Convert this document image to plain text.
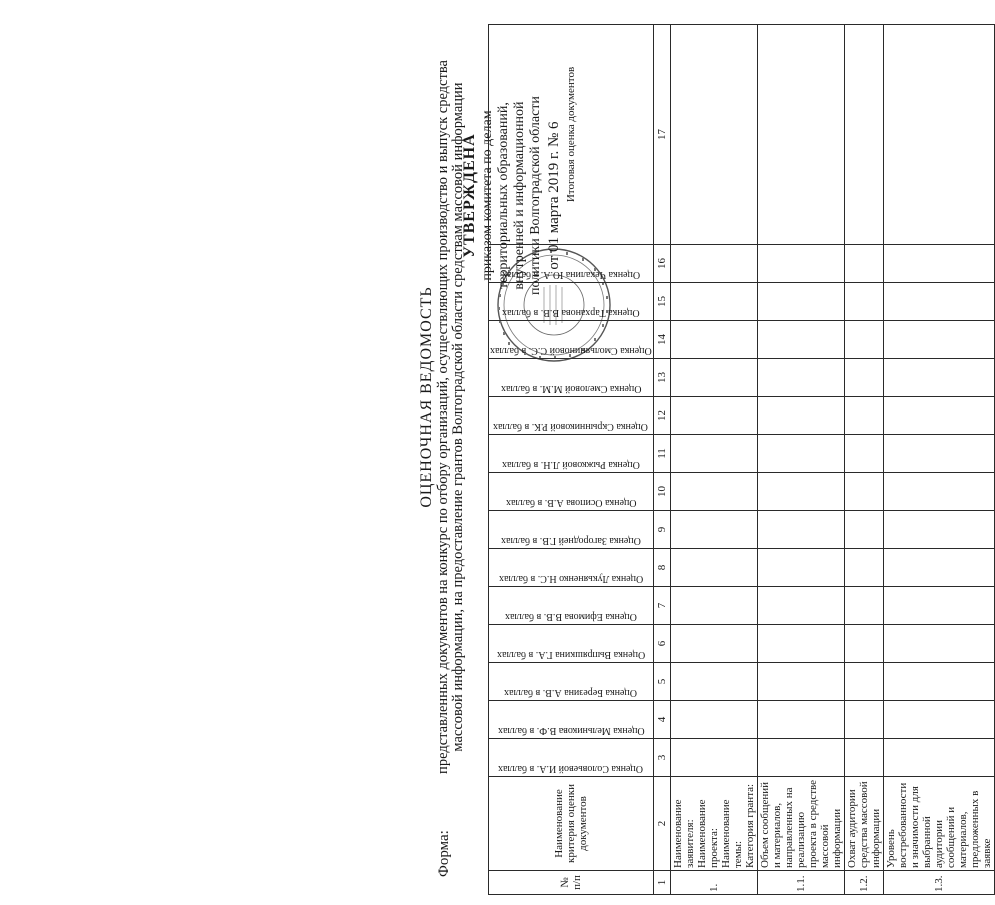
УТВЕРЖДЕНА приказом комитета по делам территориальных образований, внутренней и информационной политики Волгоградской области от 01 марта 2019 г. № 6
Форма:
ОЦЕНОЧНАЯ ВЕДОМОСТЬ представленных документов на конкурс по отбору организаций, осуществляющих производство и выпуск средства массовой информации, на предоставление грантов Волгоградской области средствам массовой информации
№ п/п	Наименование критерия оценки документов	Оценка Соловьевой И.А. в баллах	Оценка Мельникова В.Ф. в баллах	Оценка Березина А.В. в баллах	Оценка Выпряшкина Г.А. в баллах	Оценка Ефимова В.В. в баллах	Оценка Лукьяненко Н.С. в баллах	Оценка Загородней Г.В. в баллах	Оценка Осипова А.В. в баллах	Оценка Рыжковой Л.Н. в баллах	Оценка Скрынниковой Р.К. в баллах	Оценка Смеловой М.М. в баллах	Оценка Смольяниновой С.С. в баллах	Оценка Тарханова В.В. в баллах	Оценка Чекалина Ю.А. в баллах	Итоговая оценка документов
1	2	3	4	5	6	7	8	9	10	11	12	13	14	15	16	17
1.	Наименование заявителя: Наименование проекта: Наименование темы: Категория гранта:															

1.1.	Объем сообщений и материалов, направленных на реализацию проекта в средстве массовой информации															

1.2.	Охват аудитории средства массовой информации															

1.3.	Уровень востребованности и значимости для выбранной аудитории сообщений и материалов, предложенных в заявке															
